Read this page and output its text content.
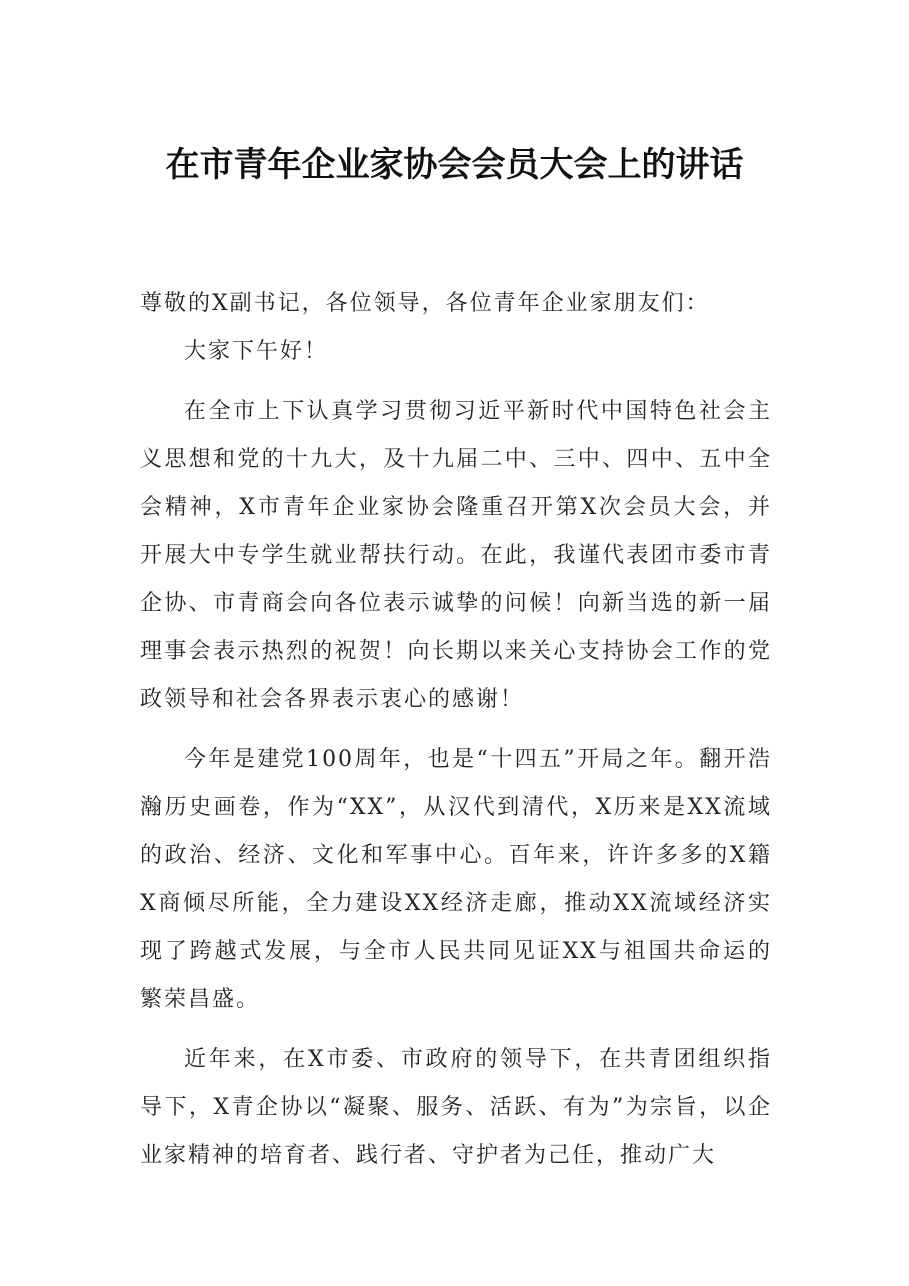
在市青年企业家协会会员大会上的讲话

尊敬的X副书记，各位领导，各位青年企业家朋友们：

大家下午好！

在全市上下认真学习贯彻习近平新时代中国特色社会主义思想和党的十九大，及十九届二中、三中、四中、五中全会精神，X市青年企业家协会隆重召开第X次会员大会，并开展大中专学生就业帮扶行动。在此，我谨代表团市委市青企协、市青商会向各位表示诚挚的问候！向新当选的新一届理事会表示热烈的祝贺！向长期以来关心支持协会工作的党政领导和社会各界表示衷心的感谢！

今年是建党100周年，也是“十四五”开局之年。翻开浩瀚历史画卷，作为“XX”，从汉代到清代，X历来是XX流域的政治、经济、文化和军事中心。百年来，许许多多的X籍X商倾尽所能，全力建设XX经济走廊，推动XX流域经济实现了跨越式发展，与全市人民共同见证XX与祖国共命运的繁荣昌盛。

近年来，在X市委、市政府的领导下，在共青团组织指导下，X青企协以“凝聚、服务、活跃、有为”为宗旨，以企业家精神的培育者、践行者、守护者为己任，推动广大
